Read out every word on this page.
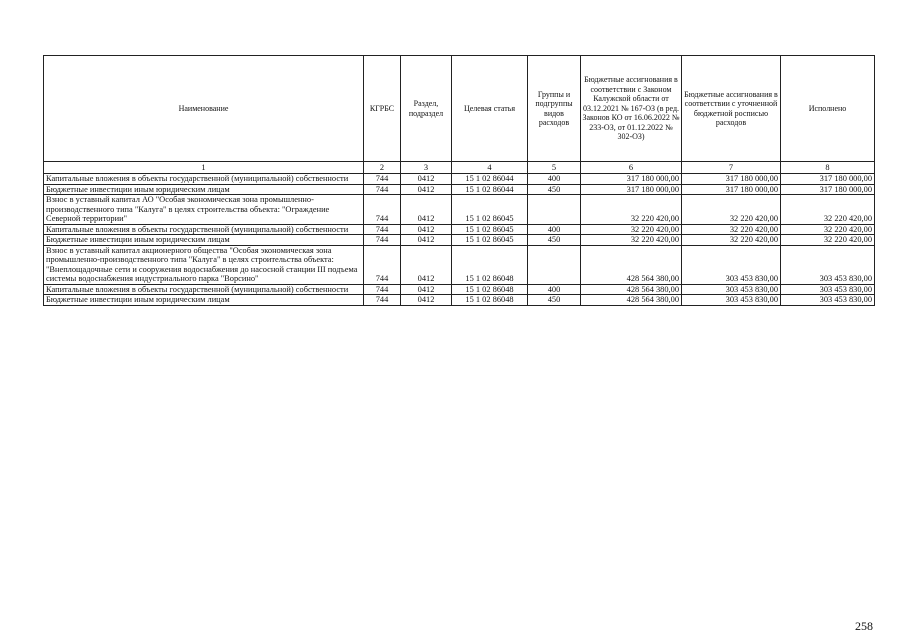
Наименование	КГРБС	Раздел, подраздел	Целевая статья	Группы и подгруппы видов расходов	Бюджетные ассигнования в соответствии с Законом Калужской области от 03.12.2021 № 167-ОЗ (в ред. Законов КО от 16.06.2022 № 233-ОЗ, от 01.12.2022 № 302-ОЗ)	Бюджетные ассигнования в соответствии с уточненной бюджетной росписью расходов	Исполнено
1	2	3	4	5	6	7	8
Капитальные вложения в объекты государственной (муниципальной) собственности	744	0412	15 1 02 86044	400	317 180 000,00	317 180 000,00	317 180 000,00
Бюджетные инвестиции иным юридическим лицам	744	0412	15 1 02 86044	450	317 180 000,00	317 180 000,00	317 180 000,00
Взнос в уставный капитал АО "Особая экономическая зона промышленно-производственного типа "Калуга" в целях строительства объекта: "Ограждение Северной территории"	744	0412	15 1 02 86045		32 220 420,00	32 220 420,00	32 220 420,00
Капитальные вложения в объекты государственной (муниципальной) собственности	744	0412	15 1 02 86045	400	32 220 420,00	32 220 420,00	32 220 420,00
Бюджетные инвестиции иным юридическим лицам	744	0412	15 1 02 86045	450	32 220 420,00	32 220 420,00	32 220 420,00
Взнос в уставный капитал акционерного общества "Особая экономическая зона промышленно-производственного типа "Калуга" в целях строительства объекта: "Внеплощадочные сети и сооружения водоснабжения до насосной станции III подъема системы водоснабжения индустриального парка "Ворсино"	744	0412	15 1 02 86048		428 564 380,00	303 453 830,00	303 453 830,00
Капитальные вложения в объекты государственной (муниципальной) собственности	744	0412	15 1 02 86048	400	428 564 380,00	303 453 830,00	303 453 830,00
Бюджетные инвестиции иным юридическим лицам	744	0412	15 1 02 86048	450	428 564 380,00	303 453 830,00	303 453 830,00
258
